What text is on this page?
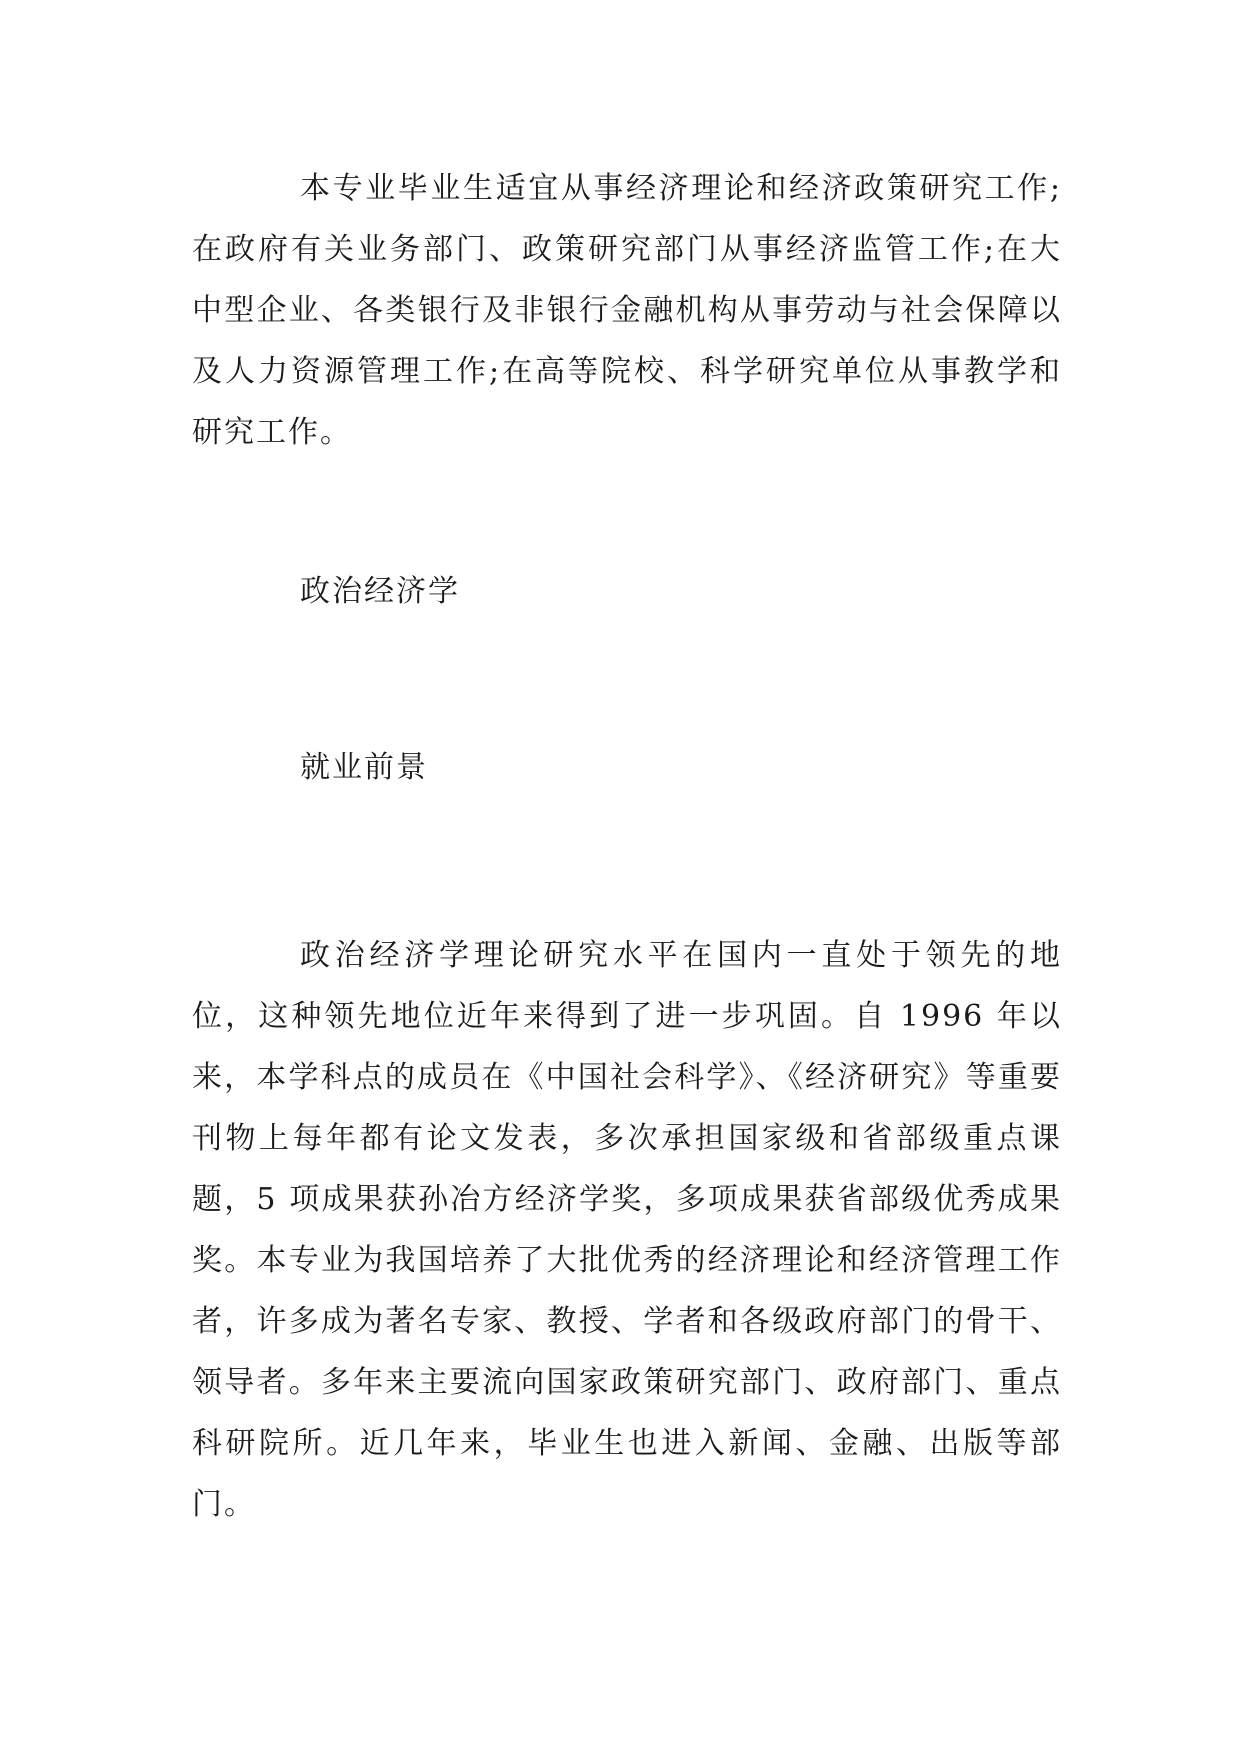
本专业毕业生适宜从事经济理论和经济政策研究工作;在政府有关业务部门、政策研究部门从事经济监管工作;在大中型企业、各类银行及非银行金融机构从事劳动与社会保障以及人力资源管理工作;在高等院校、科学研究单位从事教学和研究工作。

政治经济学
就业前景

政治经济学理论研究水平在国内一直处于领先的地位，这种领先地位近年来得到了进一步巩固。自 1996 年以来，本学科点的成员在《中国社会科学》、《经济研究》等重要刊物上每年都有论文发表，多次承担国家级和省部级重点课题，5 项成果获孙冶方经济学奖，多项成果获省部级优秀成果奖。本专业为我国培养了大批优秀的经济理论和经济管理工作者，许多成为著名专家、教授、学者和各级政府部门的骨干、领导者。多年来主要流向国家政策研究部门、政府部门、重点科研院所。近几年来，毕业生也进入新闻、金融、出版等部门。
